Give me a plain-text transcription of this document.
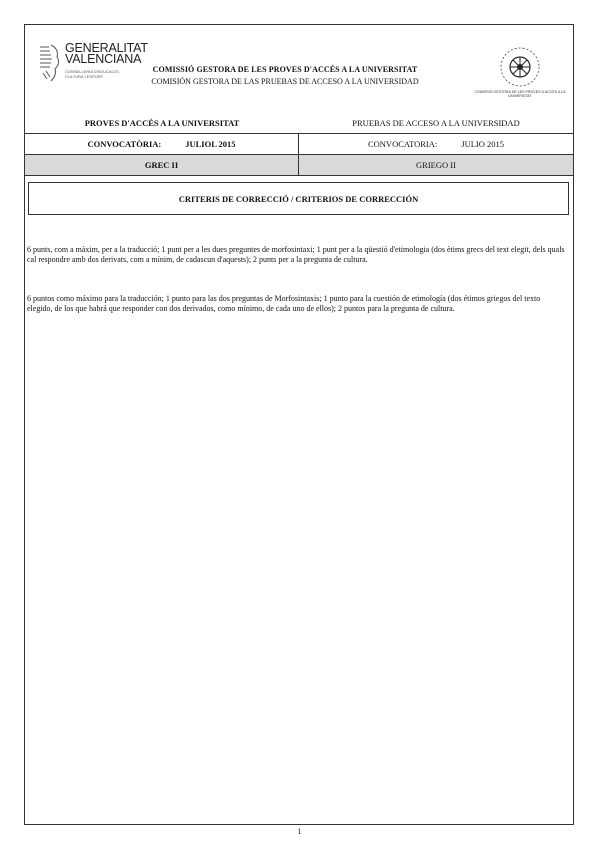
GENERALITAT
VALENCIANA
CONSELLERIA D'EDUCACIÓ,
CULTURA I ESPORT
COMISSIÓ GESTORA DE LES PROVES D'ACCÉS A LA UNIVERSITAT
COMISIÓN GESTORA DE LAS PRUEBAS DE ACCESO A LA UNIVERSIDAD
COMISSIÓ GESTORA DE LES PROVES D'ACCÉS A LA UNIVERSITAT
PROVES D'ACCÉS A LA UNIVERSITAT	PRUEBAS DE ACCESO A LA UNIVERSIDAD
CONVOCATÒRIA:	JULIOL 2015	CONVOCATORIA:	JULIO 2015
GREC II	GRIEGO II
CRITERIS DE CORRECCIÓ / CRITERIOS DE CORRECCIÓN
6 punts, com a màxim, per a la traducció; 1 punt per a les dues preguntes de morfosintaxi; 1 punt per a la qüestió d'etimologia (dos ètims grecs del text elegit, dels quals cal respondre amb dos derivats, com a mínim, de cadascun d'aquests); 2 punts per a la pregunta de cultura.
6 puntos como máximo para la traducción; 1 punto para las dos preguntas de Morfosintaxis; 1 punto para la cuestión de etimología (dos étimos griegos del texto elegido, de los que habrá que responder con dos derivados, como mínimo, de cada uno de ellos); 2 puntos para la pregunta de cultura.
1
